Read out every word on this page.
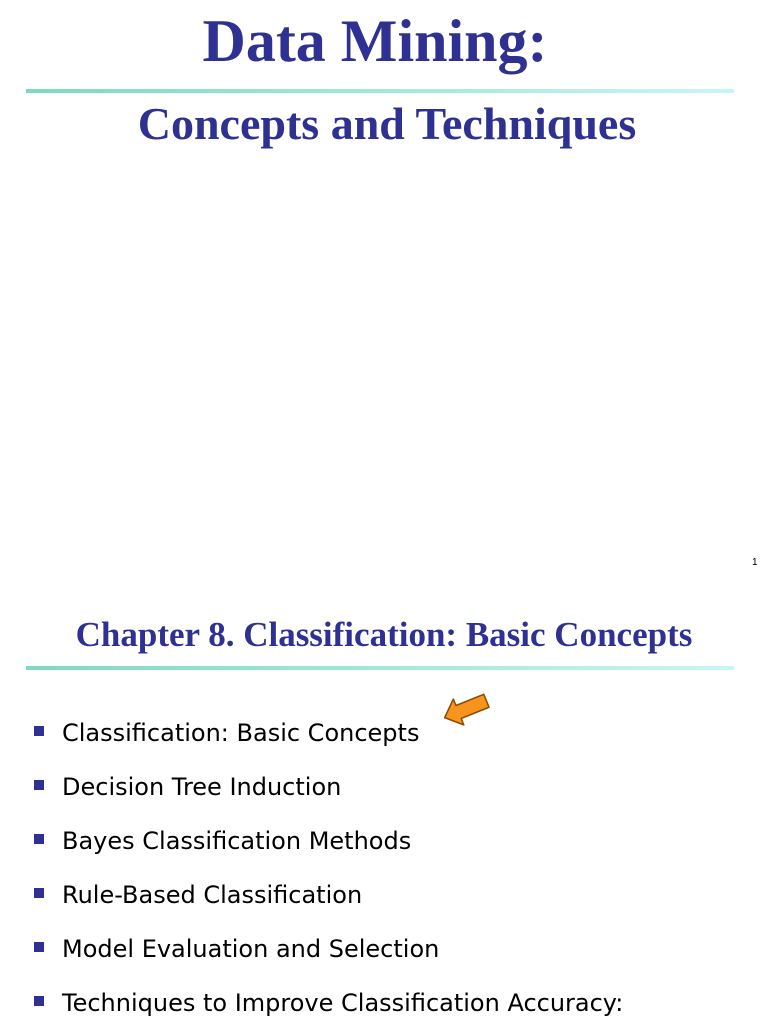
Data Mining:
Concepts and Techniques
1
Chapter 8. Classification: Basic Concepts
Classification: Basic Concepts
Decision Tree Induction
Bayes Classification Methods
Rule-Based Classification
Model Evaluation and Selection
Techniques to Improve Classification Accuracy:
